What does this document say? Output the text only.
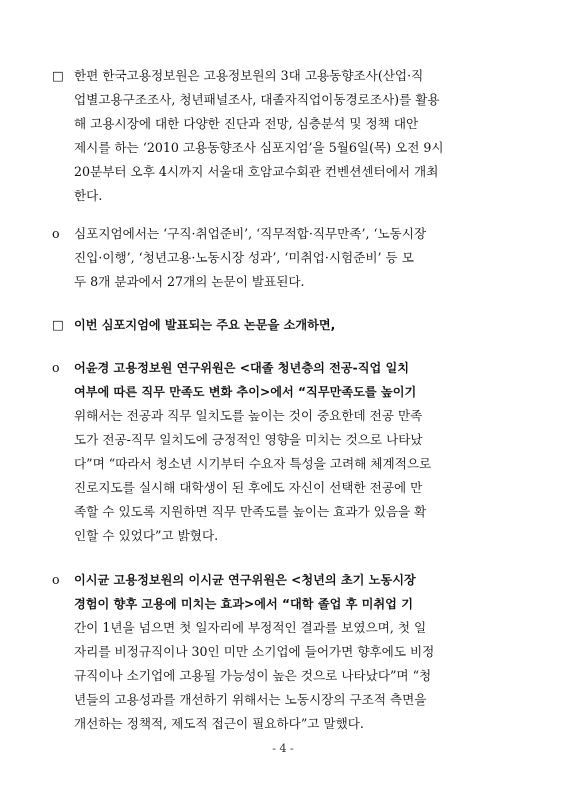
□ 한편 한국고용정보원은 고용정보원의 3대 고용동향조사(산업·직
업별고용구조조사, 청년패널조사, 대졸자직업이동경로조사)를 활용
해 고용시장에 대한 다양한 진단과 전망, 심층분석 및 정책 대안
제시를 하는 ‘2010 고용동향조사 심포지엄’을 5월6일(목) 오전 9시
20분부터 오후 4시까지 서울대 호암교수회관 컨벤션센터에서 개최
한다.
o 심포지엄에서는 ‘구직·취업준비’, ‘직무적합·직무만족’, ‘노동시장
진입·이행’, ‘청년고용·노동시장 성과’, ‘미취업·시험준비’ 등 모
두 8개 분과에서 27개의 논문이 발표된다.
□ 이번 심포지엄에 발표되는 주요 논문을 소개하면,
o 어윤경 고용정보원 연구위원은 <대졸 청년층의 전공-직업 일치
여부에 따른 직무 만족도 변화 추이>에서 “직무만족도를 높이기
위해서는 전공과 직무 일치도를 높이는 것이 중요한데 전공 만족
도가 전공-직무 일치도에 긍정적인 영향을 미치는 것으로 나타났
다”며 “따라서 청소년 시기부터 수요자 특성을 고려해 체계적으로
진로지도를 실시해 대학생이 된 후에도 자신이 선택한 전공에 만
족할 수 있도록 지원하면 직무 만족도를 높이는 효과가 있음을 확
인할 수 있었다”고 밝혔다.
o 이시균 고용정보원의 이시균 연구위원은 <청년의 초기 노동시장
경험이 향후 고용에 미치는 효과>에서 “대학 졸업 후 미취업 기
간이 1년을 넘으면 첫 일자리에 부정적인 결과를 보였으며, 첫 일
자리를 비정규직이나 30인 미만 소기업에 들어가면 향후에도 비정
규직이나 소기업에 고용될 가능성이 높은 것으로 나타났다”며 “청
년들의 고용성과를 개선하기 위해서는 노동시장의 구조적 측면을
개선하는 정책적, 제도적 접근이 필요하다”고 말했다.
- 4 -
